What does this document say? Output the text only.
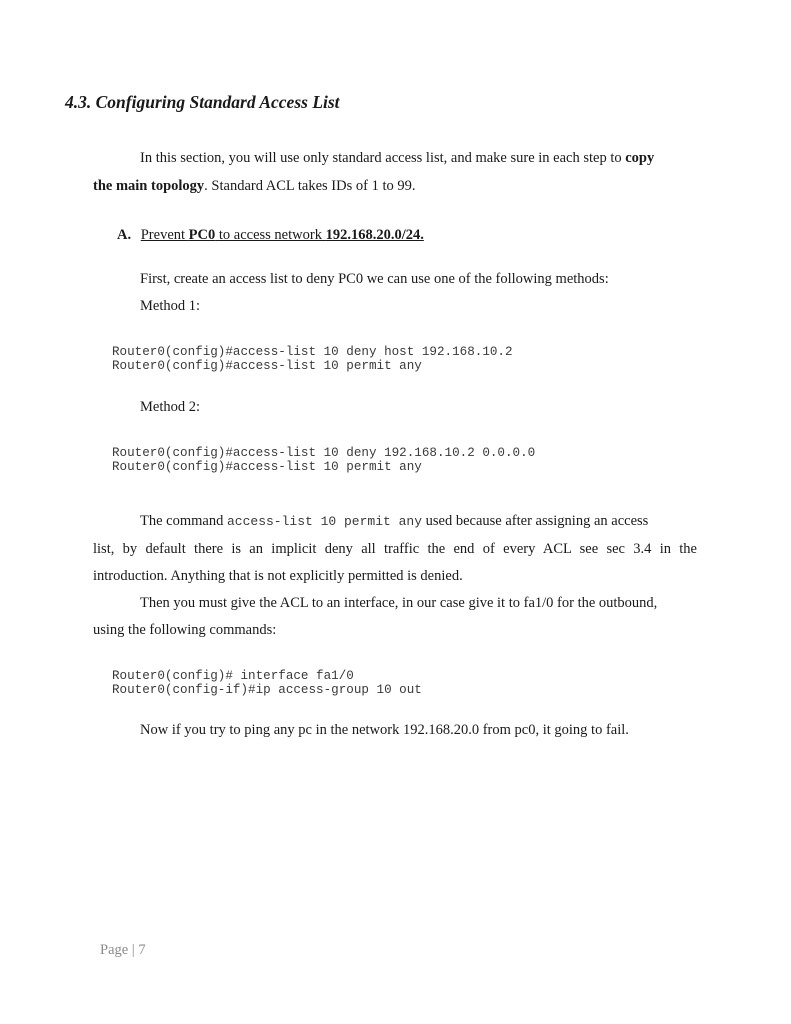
4.3. Configuring Standard Access List
In this section, you will use only standard access list, and make sure in each step to copy
the main topology. Standard ACL takes IDs of 1 to 99.
A. Prevent PC0 to access network 192.168.20.0/24.
First, create an access list to deny PC0 we can use one of the following methods:
Method 1:
Router0(config)#access-list 10 deny host 192.168.10.2
Router0(config)#access-list 10 permit any
Method 2:
Router0(config)#access-list 10 deny 192.168.10.2 0.0.0.0
Router0(config)#access-list 10 permit any
The command access-list 10 permit any used because after assigning an access
list, by default there is an implicit deny all traffic the end of every ACL see sec 3.4 in the
introduction. Anything that is not explicitly permitted is denied.
Then you must give the ACL to an interface, in our case give it to fa1/0 for the outbound,
using the following commands:
Router0(config)# interface fa1/0
Router0(config-if)#ip access-group 10 out
Now if you try to ping any pc in the network 192.168.20.0 from pc0, it going to fail.
Page | 7
